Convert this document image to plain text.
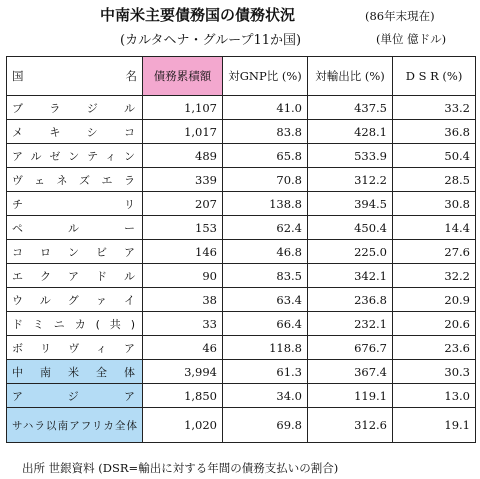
中南米主要債務国の債務状況	(86年末現在)
(カルタヘナ・グループ11か国)	(単位 億ドル)
国 名	債務累積額	対GNP比 (%)	対輸出比 (%)	D S R (%)
ブラジル	1,107	41.0	437.5	33.2
メキシコ	1,017	83.8	428.1	36.8
アルゼンティン	489	65.8	533.9	50.4
ヴェネズエラ	339	70.8	312.2	28.5
チリ	207	138.8	394.5	30.8
ペルー	153	62.4	450.4	14.4
コロンビア	146	46.8	225.0	27.6
エクアドル	90	83.5	342.1	32.2
ウルグァイ	38	63.4	236.8	20.9
ドミニカ(共)	33	66.4	232.1	20.6
ボリヴィア	46	118.8	676.7	23.6
中南米全体	3,994	61.3	367.4	30.3
アジア	1,850	34.0	119.1	13.0
サハラ以南アフリカ全体	1,020	69.8	312.6	19.1
出所 世銀資料 (DSR=輸出に対する年間の債務支払いの割合)
